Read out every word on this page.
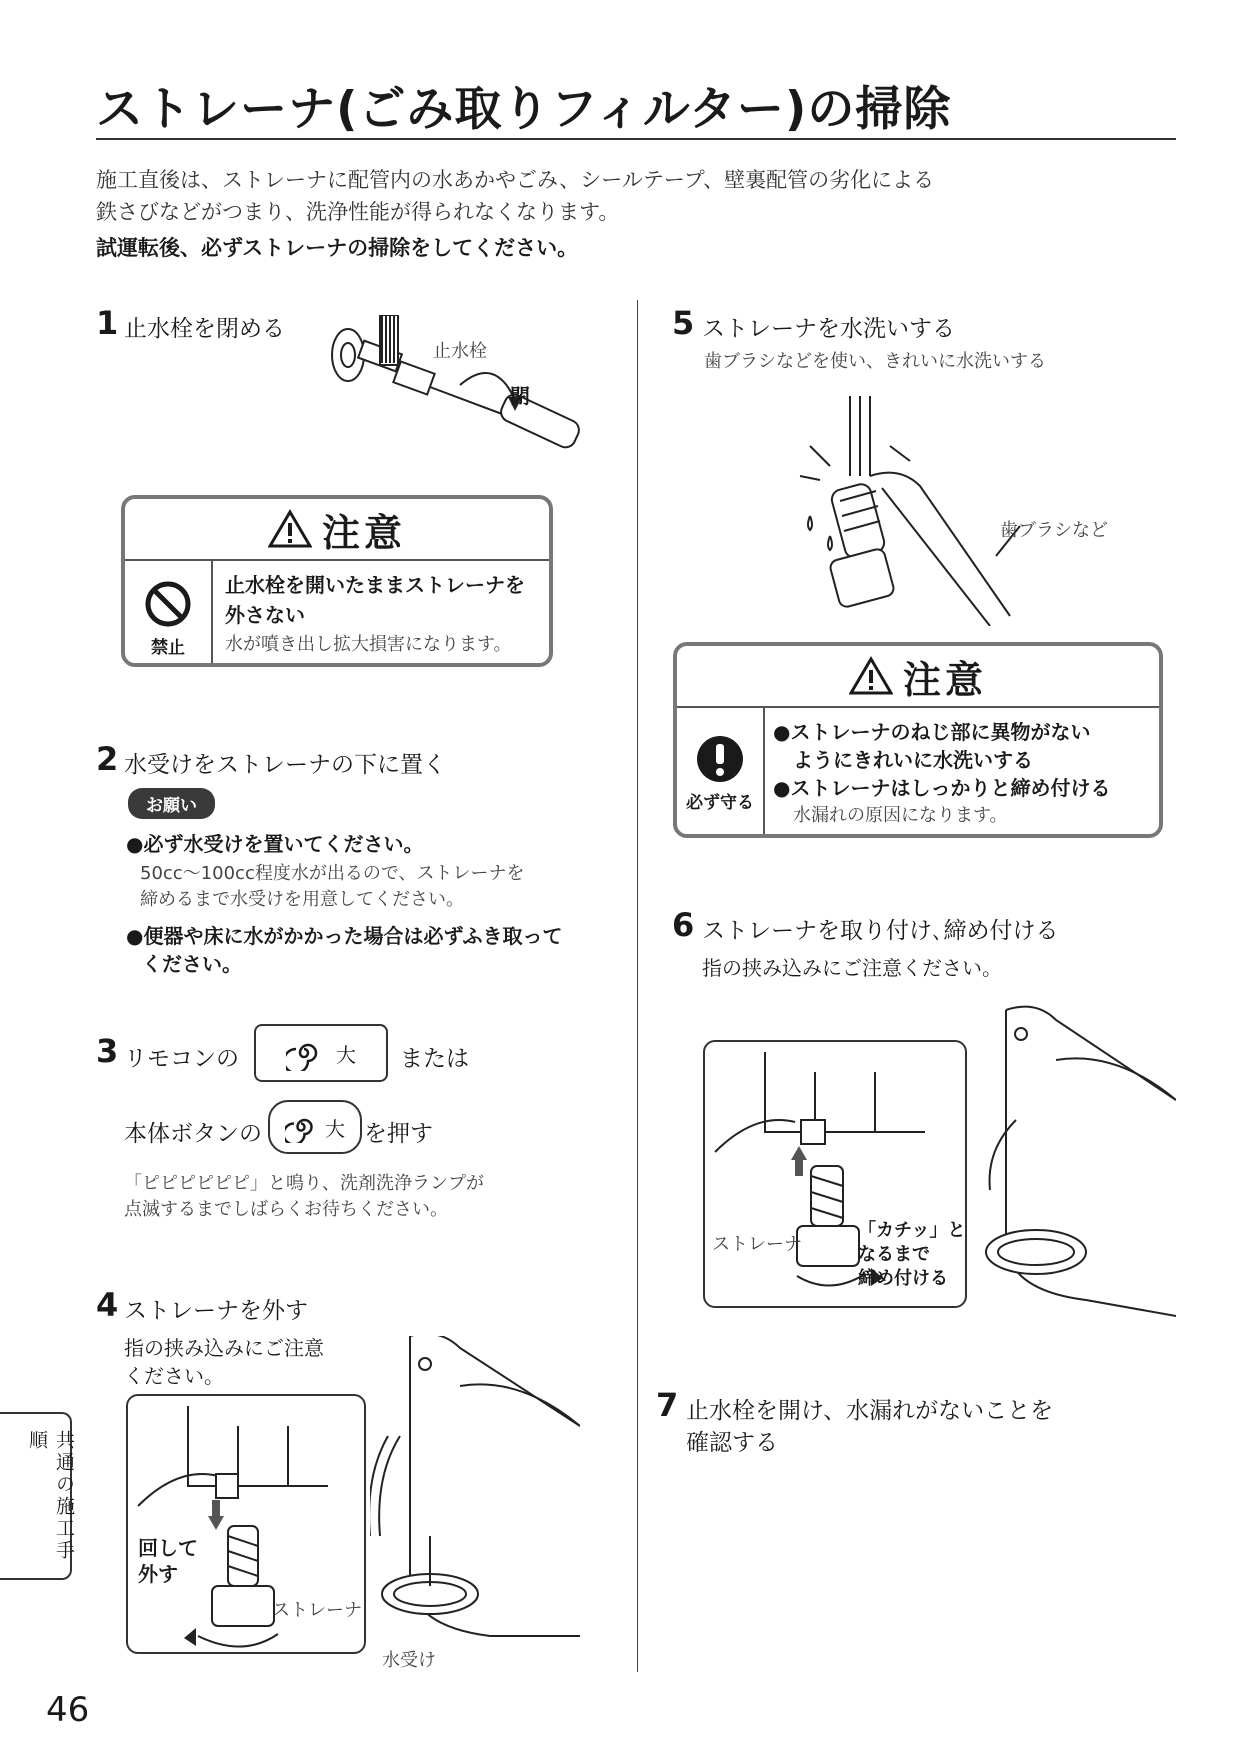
ストレーナ(ごみ取りフィルター)の掃除
施工直後は、ストレーナに配管内の水あかやごみ、シールテープ、壁裏配管の劣化による
鉄さびなどがつまり、洗浄性能が得られなくなります。
試運転後、必ずストレーナの掃除をしてください。
1 止水栓を閉める
止水栓
閉
注意
禁止
止水栓を開いたままストレーナを
外さない
水が噴き出し拡大損害になります。
2 水受けをストレーナの下に置く
お願い
●必ず水受けを置いてください。
50cc～100cc程度水が出るので、ストレーナを
締めるまで水受けを用意してください。
●便器や床に水がかかった場合は必ずふき取って
ください。
3 リモコンの	大 または
本体ボタンの	大 を押す
「ピピピピピピ」と鳴り、洗剤洗浄ランプが
点滅するまでしばらくお待ちください。
4 ストレーナを外す
指の挟み込みにご注意
ください。
回して
外す
ストレーナ
水受け
5 ストレーナを水洗いする
歯ブラシなどを使い、きれいに水洗いする
歯ブラシなど
注意
必ず守る
●ストレーナのねじ部に異物がない
ようにきれいに水洗いする
●ストレーナはしっかりと締め付ける
水漏れの原因になります。
6 ストレーナを取り付け､締め付ける
指の挟み込みにご注意ください。
ストレーナ
「カチッ」と
なるまで
締め付ける
7 止水栓を開け、水漏れがないことを
確認する
共通の施工手順
46
